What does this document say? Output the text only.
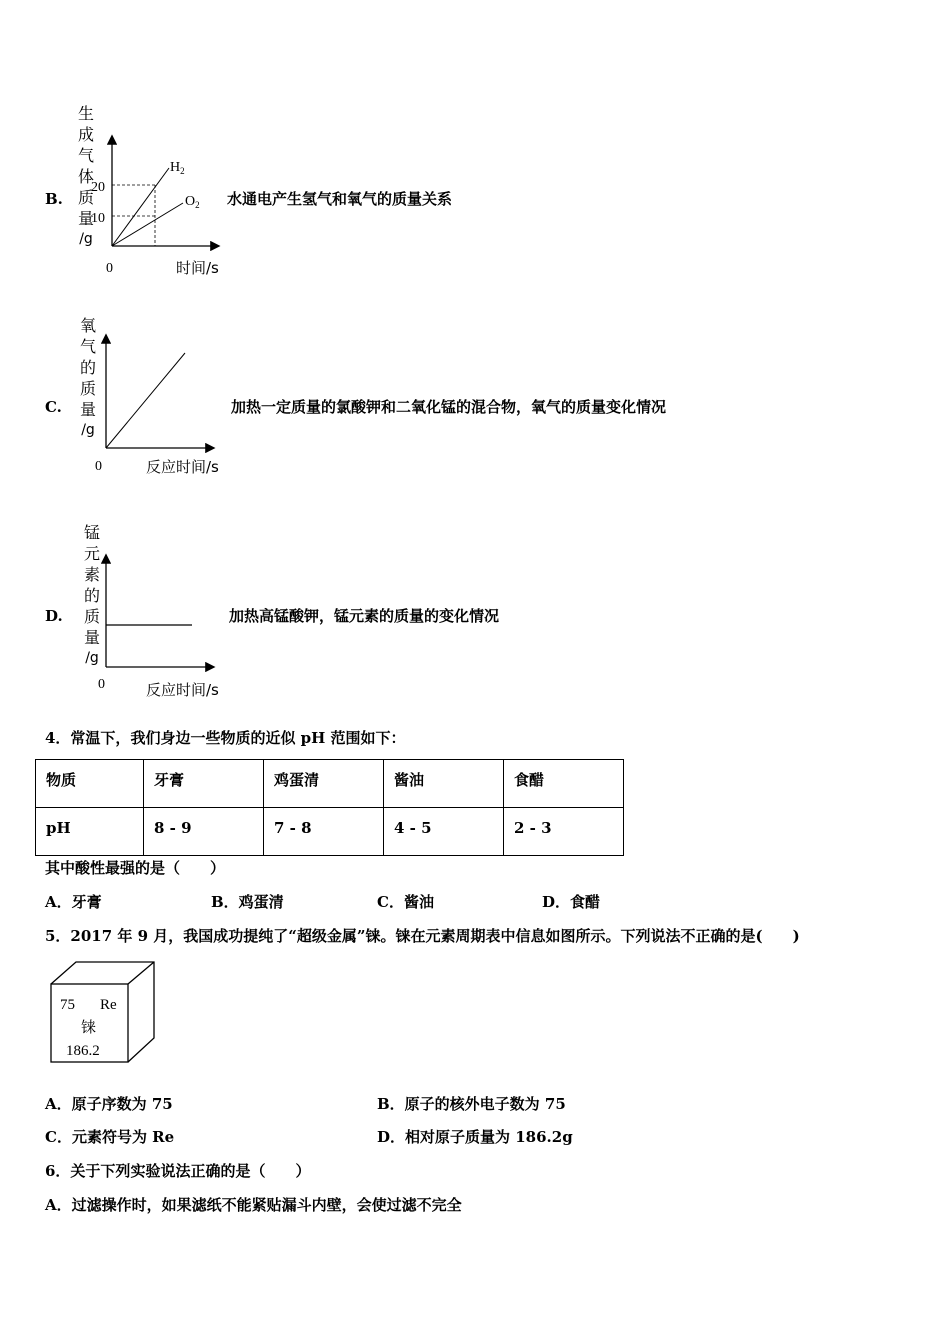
B.
生
成
气
体
质
量
/g
20
10
0
$H_2$
$O_2$
时间/s
水通电产生氢气和氧气的质量关系
C.
氧
气
的
质
量
/g
0	反应时间/s
加热一定质量的氯酸钾和二氧化锰的混合物，氧气的质量变化情况
D.
锰
元
素
的
质
量
/g
0	反应时间/s
加热高锰酸钾，锰元素的质量的变化情况
4．常温下，我们身边一些物质的近似 pH 范围如下：
物质	牙膏	鸡蛋清	酱油	食醋
pH	8 - 9	7 - 8	4 - 5	2 - 3
其中酸性最强的是（　　）
A．牙膏	B．鸡蛋清	C．酱油	D．食醋
5．2017 年 9 月，我国成功提纯了“超级金属”铼。铼在元素周期表中信息如图所示。下列说法不正确的是(　　)
75 Re
铼
186.2
A．原子序数为 75	B．原子的核外电子数为 75
C．元素符号为 Re	D．相对原子质量为 186.2g
6．关于下列实验说法正确的是（　　）
A．过滤操作时，如果滤纸不能紧贴漏斗内壁，会使过滤不完全
